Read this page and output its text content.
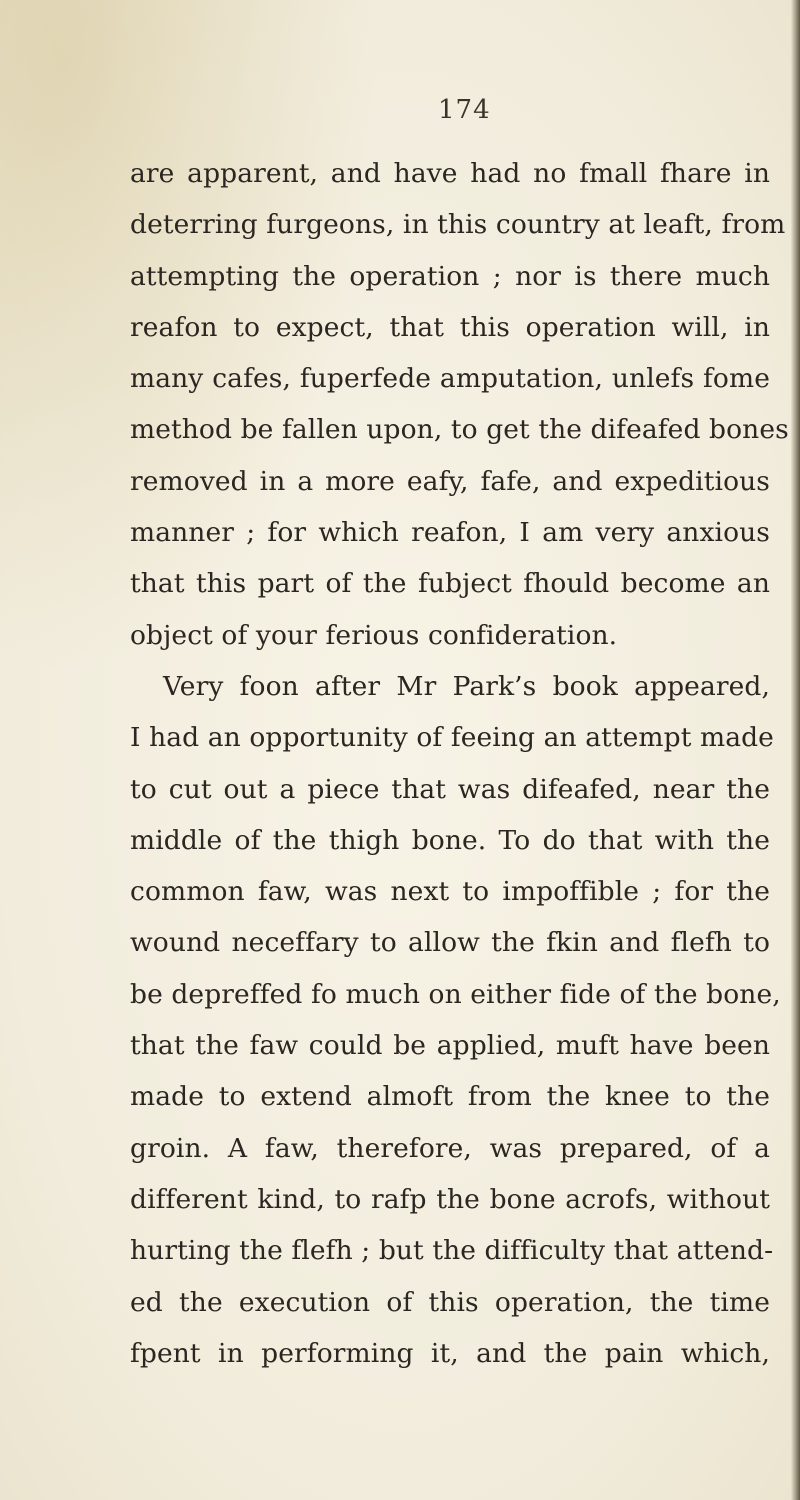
174
are apparent, and have had no fmall fhare in
deterring furgeons, in this country at leaft, from
attempting the operation ; nor is there much
reafon to expect, that this operation will, in
many cafes, fuperfede amputation, unlefs fome
method be fallen upon, to get the difeafed bones
removed in a more eafy, fafe, and expeditious
manner ; for which reafon, I am very anxious
that this part of the fubject fhould become an
object of your ferious confideration.
Very foon after Mr Park’s book appeared,
I had an opportunity of feeing an attempt made
to cut out a piece that was difeafed, near the
middle of the thigh bone. To do that with the
common faw, was next to impoffible ; for the
wound neceffary to allow the fkin and flefh to
be depreffed fo much on either fide of the bone,
that the faw could be applied, muft have been
made to extend almoft from the knee to the
groin. A faw, therefore, was prepared, of a
different kind, to rafp the bone acrofs, without
hurting the flefh ; but the difficulty that attend-
ed the execution of this operation, the time
fpent in performing it, and the pain which,
